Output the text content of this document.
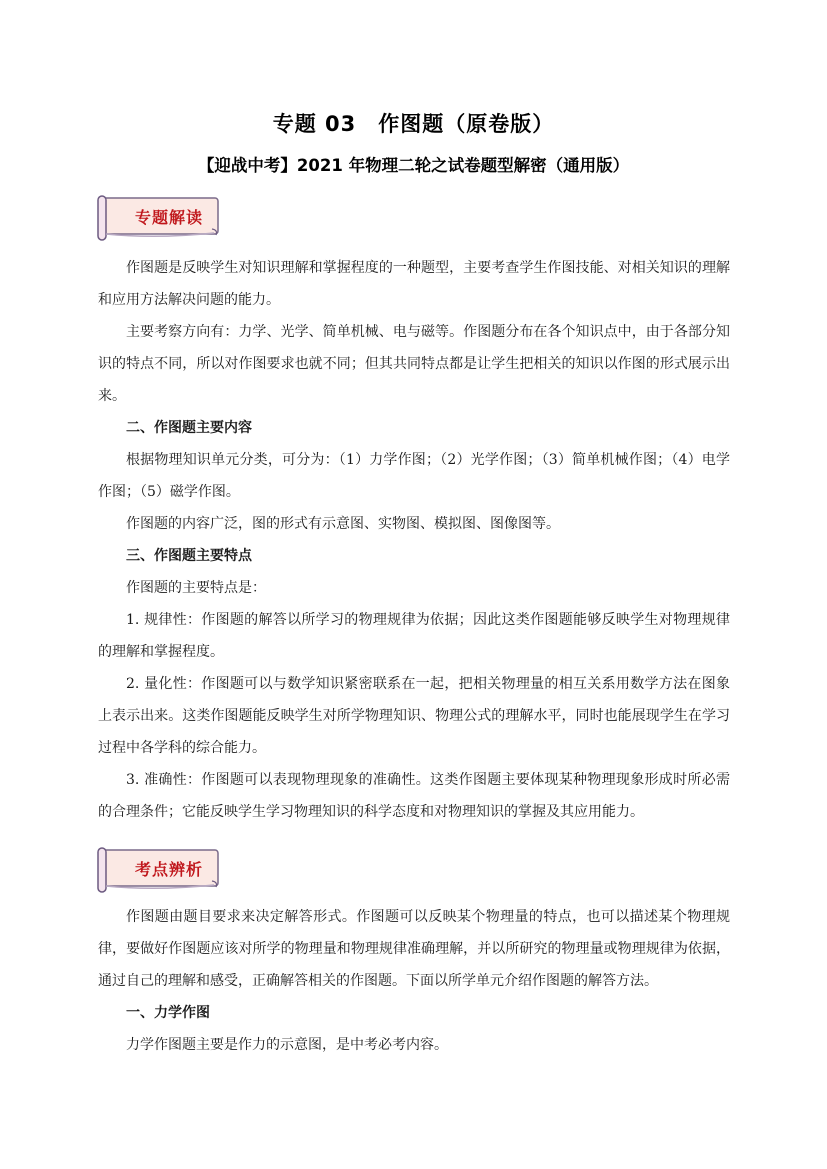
专题 03　作图题（原卷版）
【迎战中考】2021 年物理二轮之试卷题型解密（通用版）
专题解读

作图题是反映学生对知识理解和掌握程度的一种题型，主要考查学生作图技能、对相关知识的理解和应用方法解决问题的能力。

主要考察方向有：力学、光学、简单机械、电与磁等。作图题分布在各个知识点中，由于各部分知识的特点不同，所以对作图要求也就不同；但其共同特点都是让学生把相关的知识以作图的形式展示出来。

二、作图题主要内容

根据物理知识单元分类，可分为：（1）力学作图；（2）光学作图；（3）简单机械作图；（4）电学作图；（5）磁学作图。

作图题的内容广泛，图的形式有示意图、实物图、模拟图、图像图等。

三、作图题主要特点

作图题的主要特点是：

1. 规律性：作图题的解答以所学习的物理规律为依据；因此这类作图题能够反映学生对物理规律的理解和掌握程度。

2. 量化性：作图题可以与数学知识紧密联系在一起，把相关物理量的相互关系用数学方法在图象上表示出来。这类作图题能反映学生对所学物理知识、物理公式的理解水平，同时也能展现学生在学习过程中各学科的综合能力。

3. 准确性：作图题可以表现物理现象的准确性。这类作图题主要体现某种物理现象形成时所必需的合理条件；它能反映学生学习物理知识的科学态度和对物理知识的掌握及其应用能力。

考点辨析

作图题由题目要求来决定解答形式。作图题可以反映某个物理量的特点，也可以描述某个物理规律，要做好作图题应该对所学的物理量和物理规律准确理解，并以所研究的物理量或物理规律为依据，通过自己的理解和感受，正确解答相关的作图题。下面以所学单元介绍作图题的解答方法。

一、力学作图

力学作图题主要是作力的示意图，是中考必考内容。
